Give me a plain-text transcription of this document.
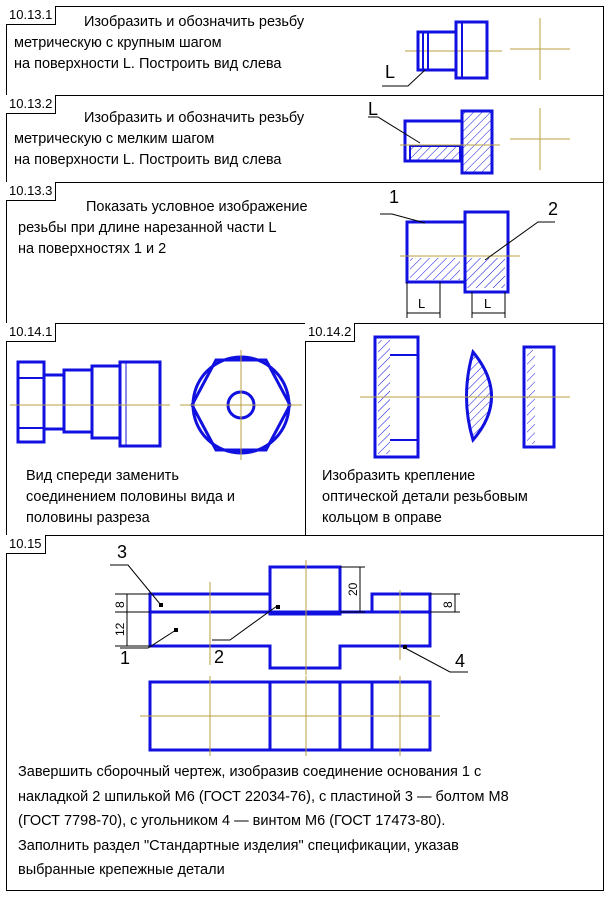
10.13.1
10.13.2
10.13.3
10.14.1	10.14.2
10.15
Изобразить и обозначить резьбу
метрическую с крупным шагом
на поверхности L. Построить вид слева
Изобразить и обозначить резьбу
метрическую с мелким шагом
на поверхности L. Построить вид слева
Показать условное изображение
резьбы при длине нарезанной части L
на поверхностях 1 и 2
Вид спереди заменить
соединением половины вида и
половины разреза
Изобразить крепление
оптической детали резьбовым
кольцом в оправе
Завершить сборочный чертеж, изобразив соединение основания 1 с
накладкой 2 шпилькой М6 (ГОСТ 22034-76), с пластиной 3 — болтом М8
(ГОСТ 7798-70), с угольником 4 — винтом М6 (ГОСТ 17473-80).
Заполнить раздел "Стандартные изделия" спецификации, указав
выбранные крепежные детали
L
L
1
2
L	L
3
1	2	4
8
12
20
8
